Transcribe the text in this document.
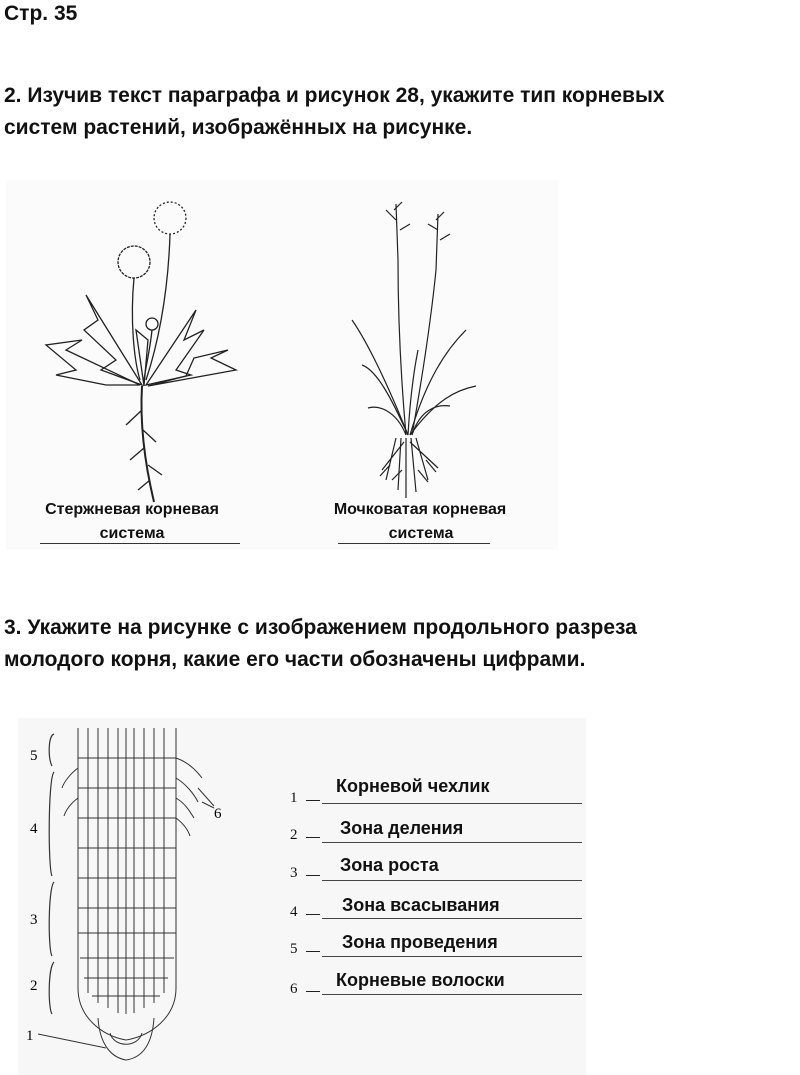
Стр. 35
2. Изучив текст параграфа и рисунок 28, укажите тип корневых
систем растений, изображённых на рисунке.
Стержневая корневая
система
Мочковатая корневая
система
3. Укажите на рисунке с изображением продольного разреза
молодого корня, какие его части обозначены цифрами.
5
4
3
2
1
6
1
Корневой чехлик
2 Зона деления
3 Зона роста
4 Зона всасывания
5 Зона проведения
6 Корневые волоски
